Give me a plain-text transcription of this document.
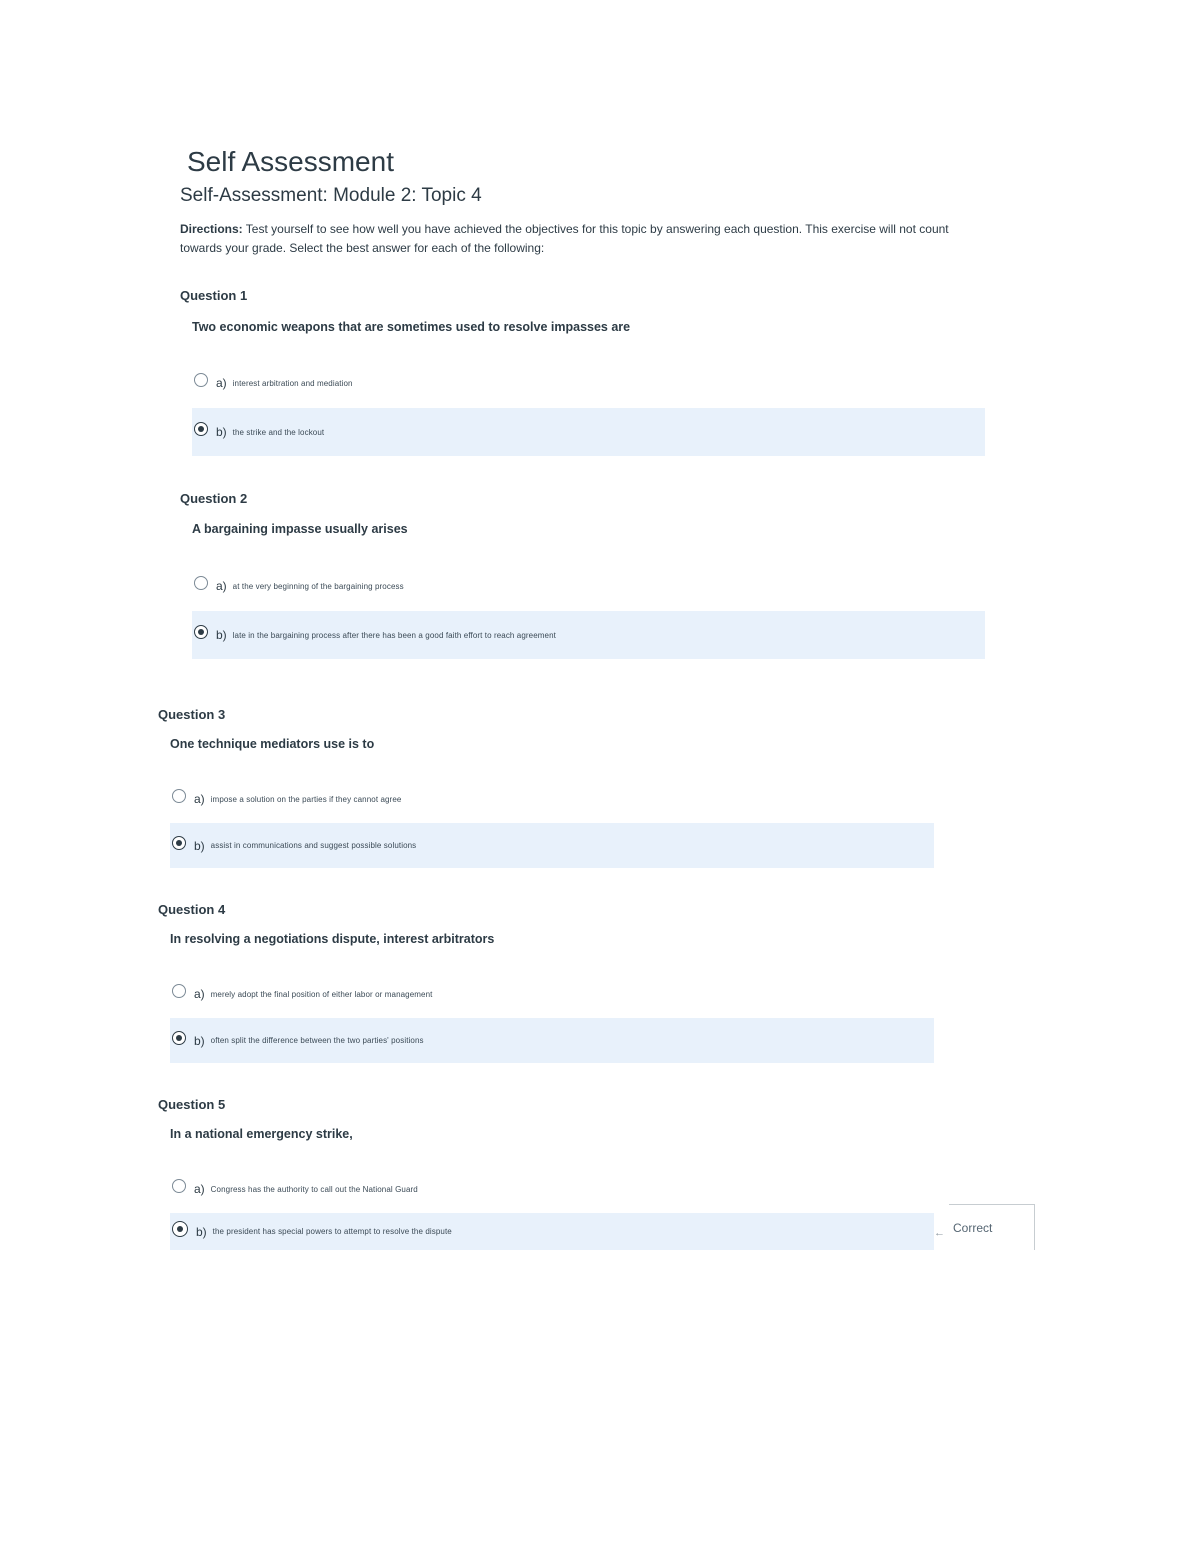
Self Assessment
Self-Assessment: Module 2: Topic 4

Directions: Test yourself to see how well you have achieved the objectives for this topic by answering each question. This exercise will not count towards your grade. Select the best answer for each of the following:

Question 1
Two economic weapons that are sometimes used to resolve impasses are
a) interest arbitration and mediation
b) the strike and the lockout
Question 2
A bargaining impasse usually arises
a) at the very beginning of the bargaining process
b) late in the bargaining process after there has been a good faith effort to reach agreement
Question 3
One technique mediators use is to
a) impose a solution on the parties if they cannot agree
b) assist in communications and suggest possible solutions
Question 4
In resolving a negotiations dispute, interest arbitrators
a) merely adopt the final position of either labor or management
b) often split the difference between the two parties' positions
Question 5
In a national emergency strike,
a) Congress has the authority to call out the National Guard
b) the president has special powers to attempt to resolve the dispute	← Correct
